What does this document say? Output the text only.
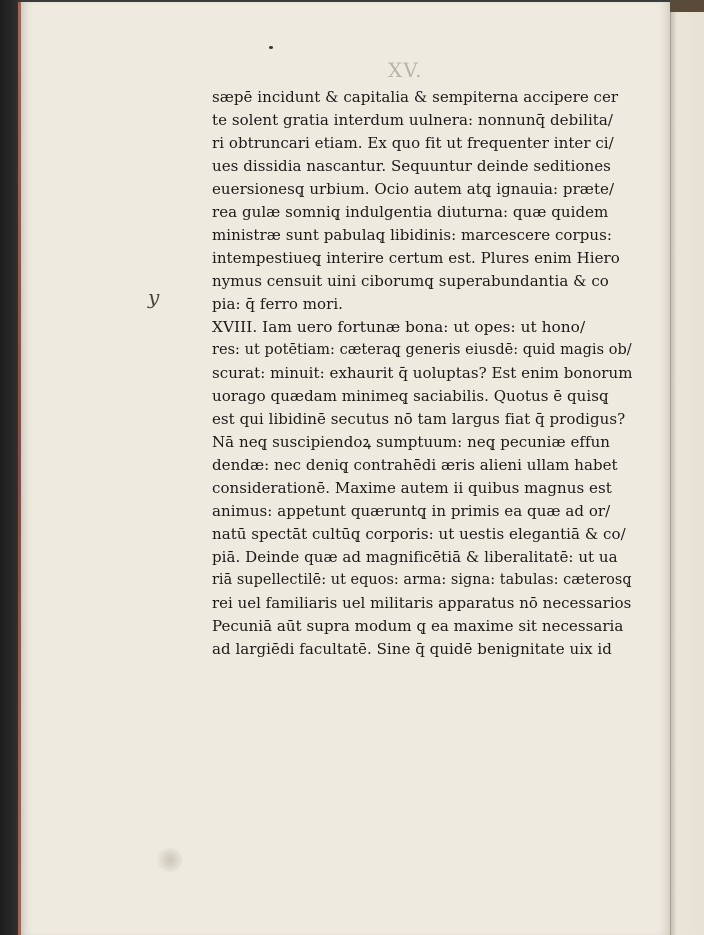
XV.
y
sæpē incidunt & capitalia & sempiterna accipere cer
te solent gratia interdum uulnera: nonnunq̄ debilita/
ri obtruncari etiam. Ex quo fit ut frequenter inter ci/
ues dissidia nascantur. Sequuntur deinde seditiones
euersionesq̨ urbium. Ocio autem atq̨ ignauia: præte/
rea gulæ somniq̨ indulgentia diuturna: quæ quidem
ministræ sunt pabulaq̨ libidinis: marcescere corpus:
intempestiueq̨ interire certum est. Plures enim Hiero
nymus censuit uini ciborumq̨ superabundantia & co
pia: q̄ ferro mori.
XVIII. Iam uero fortunæ bona: ut opes: ut hono/
res: ut potētiam: cæteraq̨ generis eiusdē: quid magis ob/
scurat: minuit: exhaurit q̄ uoluptas? Est enim bonorum
uorago quædam minimeq̨ saciabilis. Quotus ē quisq̨
est qui libidinē secutus nō tam largus fiat q̄ prodigus?
Nā neq̨ suscipiendoꝝ sumptuum: neq̨ pecuniæ effun
dendæ: nec deniq̨ contrahēdi æris alieni ullam habet
considerationē. Maxime autem ii quibus magnus est
animus: appetunt quæruntq̨ in primis ea quæ ad or/
natū spectāt cultūq̨ corporis: ut uestis elegantiā & co/
piā. Deinde quæ ad magnificētiā & liberalitatē: ut ua
riā supellectilē: ut equos: arma: signa: tabulas: cæterosq̨
rei uel familiaris uel militaris apparatus nō necessarios
Pecuniā aūt supra modum q̨ ea maxime sit necessaria
ad largiēdi facultatē. Sine q̄ quidē benignitate uix id
